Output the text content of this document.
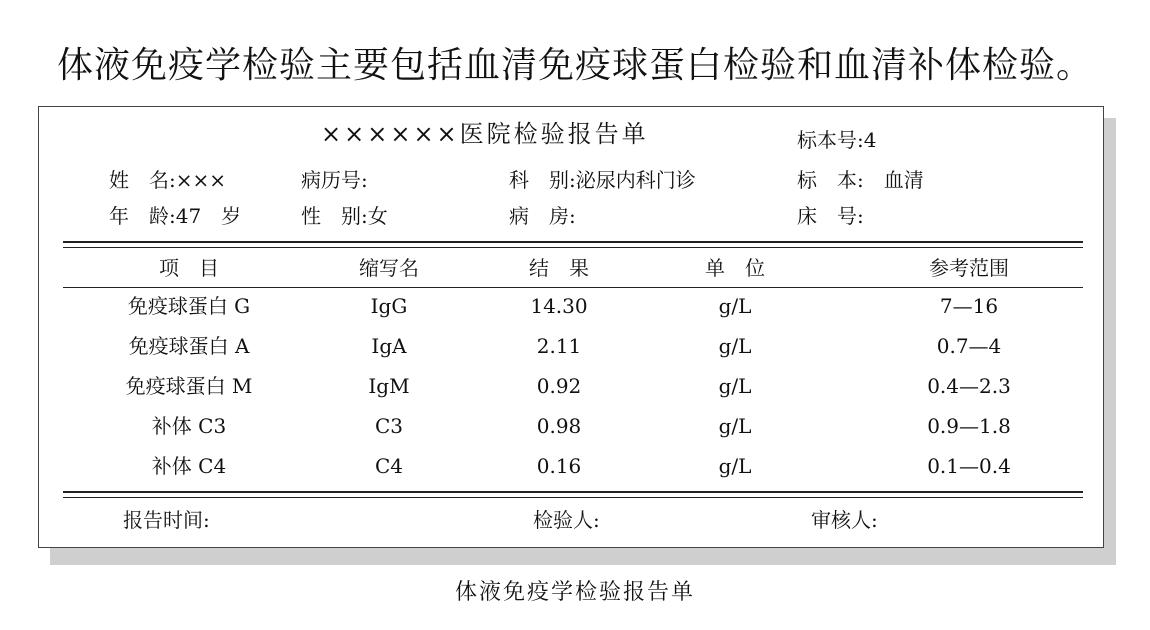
体液免疫学检验主要包括血清免疫球蛋白检验和血清补体检验。
××××××医院检验报告单	标本号:4
姓　名:×××	病历号:	科　别:泌尿内科门诊	标　本:　血清
年　龄:47　岁	性　别:女	病　房:	床　号:
项　目	缩写名	结　果	单　位	参考范围
免疫球蛋白 G	IgG	14.30	g/L	7—16
免疫球蛋白 A	IgA	2.11	g/L	0.7—4
免疫球蛋白 M	IgM	0.92	g/L	0.4—2.3
补体 C3	C3	0.98	g/L	0.9—1.8
补体 C4	C4	0.16	g/L	0.1—0.4
报告时间:	检验人:	审核人:
体液免疫学检验报告单
